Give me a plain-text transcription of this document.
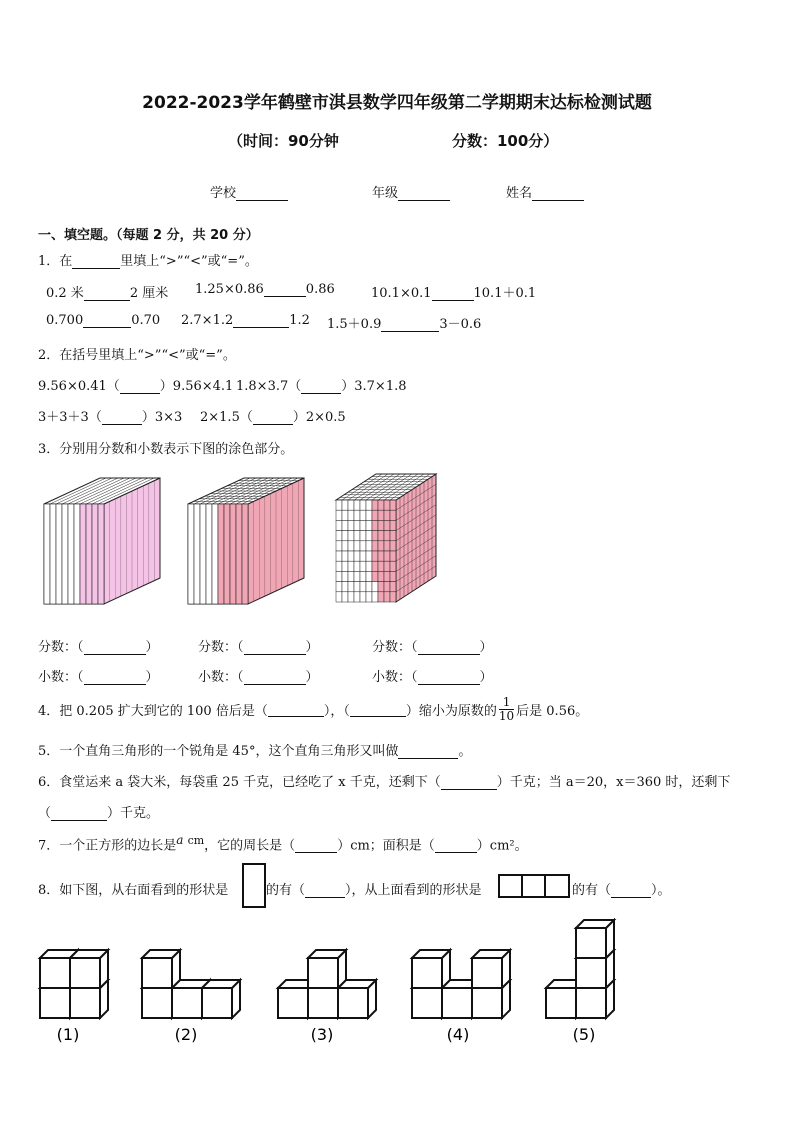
2022-2023学年鹤壁市淇县数学四年级第二学期期末达标检测试题
（时间：90分钟	分数：100分）
学校	年级	姓名
一、填空题。（每题 2 分，共 20 分）
1．在	里填上“>”“<”或“=”。
0.2 米	2 厘米 1.25×0.86	0.86	10.1×0.1	10.1＋0.1
0.700	0.70 2.7×1.2	1.2 1.5＋0.9	3－0.6
2．在括号里填上“>”“<”或“=”。
9.56×0.41（	）9.56×4.1 1.8×3.7（	）3.7×1.8
3＋3＋3（	）3×3 2×1.5（	）2×0.5
3．分别用分数和小数表示下图的涂色部分。
分数：（	）	分数：（	）	分数：（	）
小数：（	）	小数：（	）	小数：（	）
4．把 0.205 扩大到它的 100 倍后是（	），（	）缩小为原数的 $\frac{1}{10}$ 后是 0.56。
5．一个直角三角形的一个锐角是 45°，这个直角三角形又叫做	。
6．食堂运来 a 袋大米，每袋重 25 千克，已经吃了 x 千克，还剩下（	）千克；当 a＝20，x＝360 时，还剩下
（	）千克。
7．一个正方形的边长是a $^{cm}$，它的周长是（	）cm；面积是（	）cm²。
8．如下图，从右面看到的形状是	的有（	），从上面看到的形状是	的有（	）。
(1)	(2)	(3)	(4)	(5)
